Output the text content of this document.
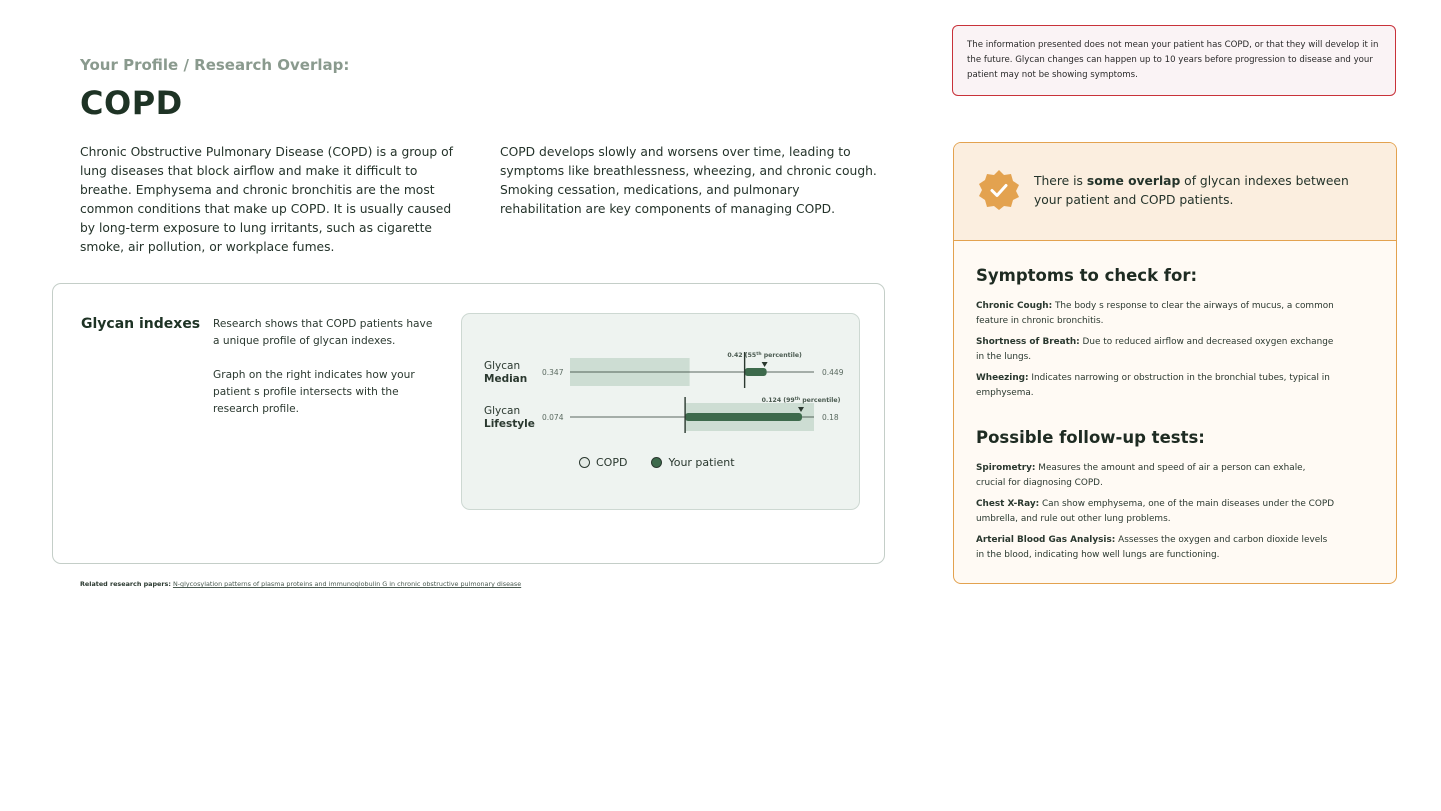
Your Profile / Research Overlap:
COPD

Chronic Obstructive Pulmonary Disease (COPD) is a group of lung diseases that block airflow and make it difficult to breathe. Emphysema and chronic bronchitis are the most common conditions that make up COPD. It is usually caused by long-term exposure to lung irritants, such as cigarette smoke, air pollution, or workplace fumes.

COPD develops slowly and worsens over time, leading to symptoms like breathlessness, wheezing, and chronic cough. Smoking cessation, medications, and pulmonary rehabilitation are key components of managing COPD.

Glycan indexes Research shows that COPD patients have a unique profile of glycan indexes.

Graph on the right indicates how your patient s profile intersects with the research profile.

0.42 (55th percentile)
0.347	0.449
Glycan
Median
0.124 (99th percentile)
0.074	0.18
Glycan
Lifestyle
COPD	Your patient
Related research papers: N-glycosylation patterns of plasma proteins and immunoglobulin G in chronic obstructive pulmonary disease
The information presented does not mean your patient has COPD, or that they will develop it in the future. Glycan changes can happen up to 10 years before progression to disease and your patient may not be showing symptoms.

There is some overlap of glycan indexes between your patient and COPD patients.

Symptoms to check for:

Chronic Cough: The body s response to clear the airways of mucus, a common feature in chronic bronchitis.

Shortness of Breath: Due to reduced airflow and decreased oxygen exchange in the lungs.

Wheezing: Indicates narrowing or obstruction in the bronchial tubes, typical in emphysema.

Possible follow-up tests:

Spirometry: Measures the amount and speed of air a person can exhale, crucial for diagnosing COPD.

Chest X-Ray: Can show emphysema, one of the main diseases under the COPD umbrella, and rule out other lung problems.

Arterial Blood Gas Analysis: Assesses the oxygen and carbon dioxide levels in the blood, indicating how well lungs are functioning.
